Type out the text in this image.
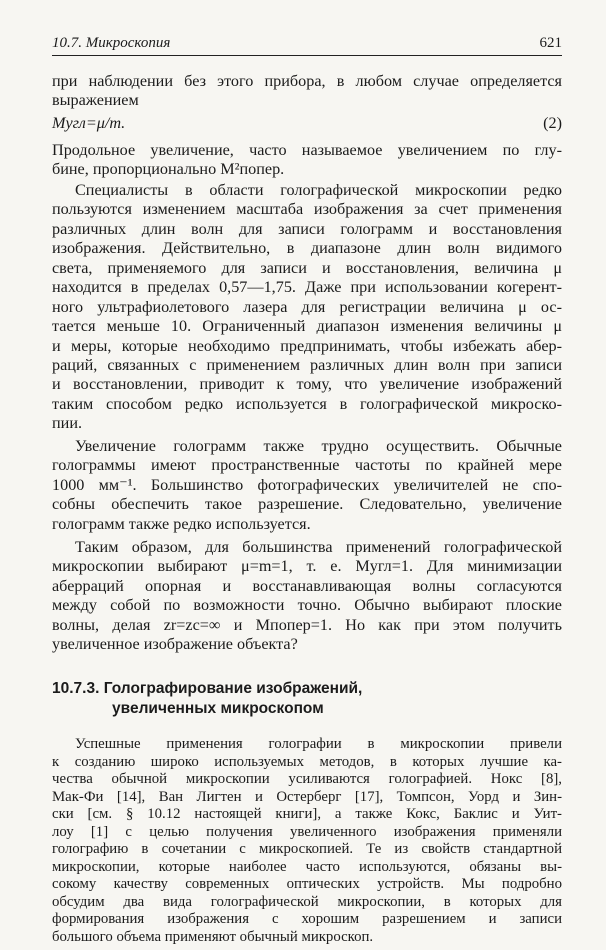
10.7. Микроскопия	621
при наблюдении без этого прибора, в любом случае определяется
выражением
Mугл=μ/m.	(2)
Продольное увеличение, часто называемое увеличением по глу-
бине, пропорционально M²попер.
Специалисты в области голографической микроскопии редко
пользуются изменением масштаба изображения за счет применения
различных длин волн для записи голограмм и восстановления
изображения. Действительно, в диапазоне длин волн видимого
света, применяемого для записи и восстановления, величина μ
находится в пределах 0,57—1,75. Даже при использовании когерент-
ного ультрафиолетового лазера для регистрации величина μ ос-
тается меньше 10. Ограниченный диапазон изменения величины μ
и меры, которые необходимо предпринимать, чтобы избежать абер-
раций, связанных с применением различных длин волн при записи
и восстановлении, приводит к тому, что увеличение изображений
таким способом редко используется в голографической микроско-
пии.
Увеличение голограмм также трудно осуществить. Обычные
голограммы имеют пространственные частоты по крайней мере
1000 мм⁻¹. Большинство фотографических увеличителей не спо-
собны обеспечить такое разрешение. Следовательно, увеличение
голограмм также редко используется.
Таким образом, для большинства применений голографической
микроскопии выбирают μ=m=1, т. е. Mугл=1. Для минимизации
аберраций опорная и восстанавливающая волны согласуются
между собой по возможности точно. Обычно выбирают плоские
волны, делая zr=zc=∞ и Mпопер=1. Но как при этом получить
увеличенное изображение объекта?
10.7.3. Голографирование изображений,
увеличенных микроскопом
Успешные применения голографии в микроскопии привели
к созданию широко используемых методов, в которых лучшие ка-
чества обычной микроскопии усиливаются голографией. Нокс [8],
Мак-Фи [14], Ван Лигтен и Остерберг [17], Томпсон, Уорд и Зин-
ски [см. § 10.12 настоящей книги], а также Кокс, Баклис и Уит-
лоу [1] с целью получения увеличенного изображения применяли
голографию в сочетании с микроскопией. Те из свойств стандартной
микроскопии, которые наиболее часто используются, обязаны вы-
сокому качеству современных оптических устройств. Мы подробно
обсудим два вида голографической микроскопии, в которых для
формирования изображения с хорошим разрешением и записи
большого объема применяют обычный микроскоп.
